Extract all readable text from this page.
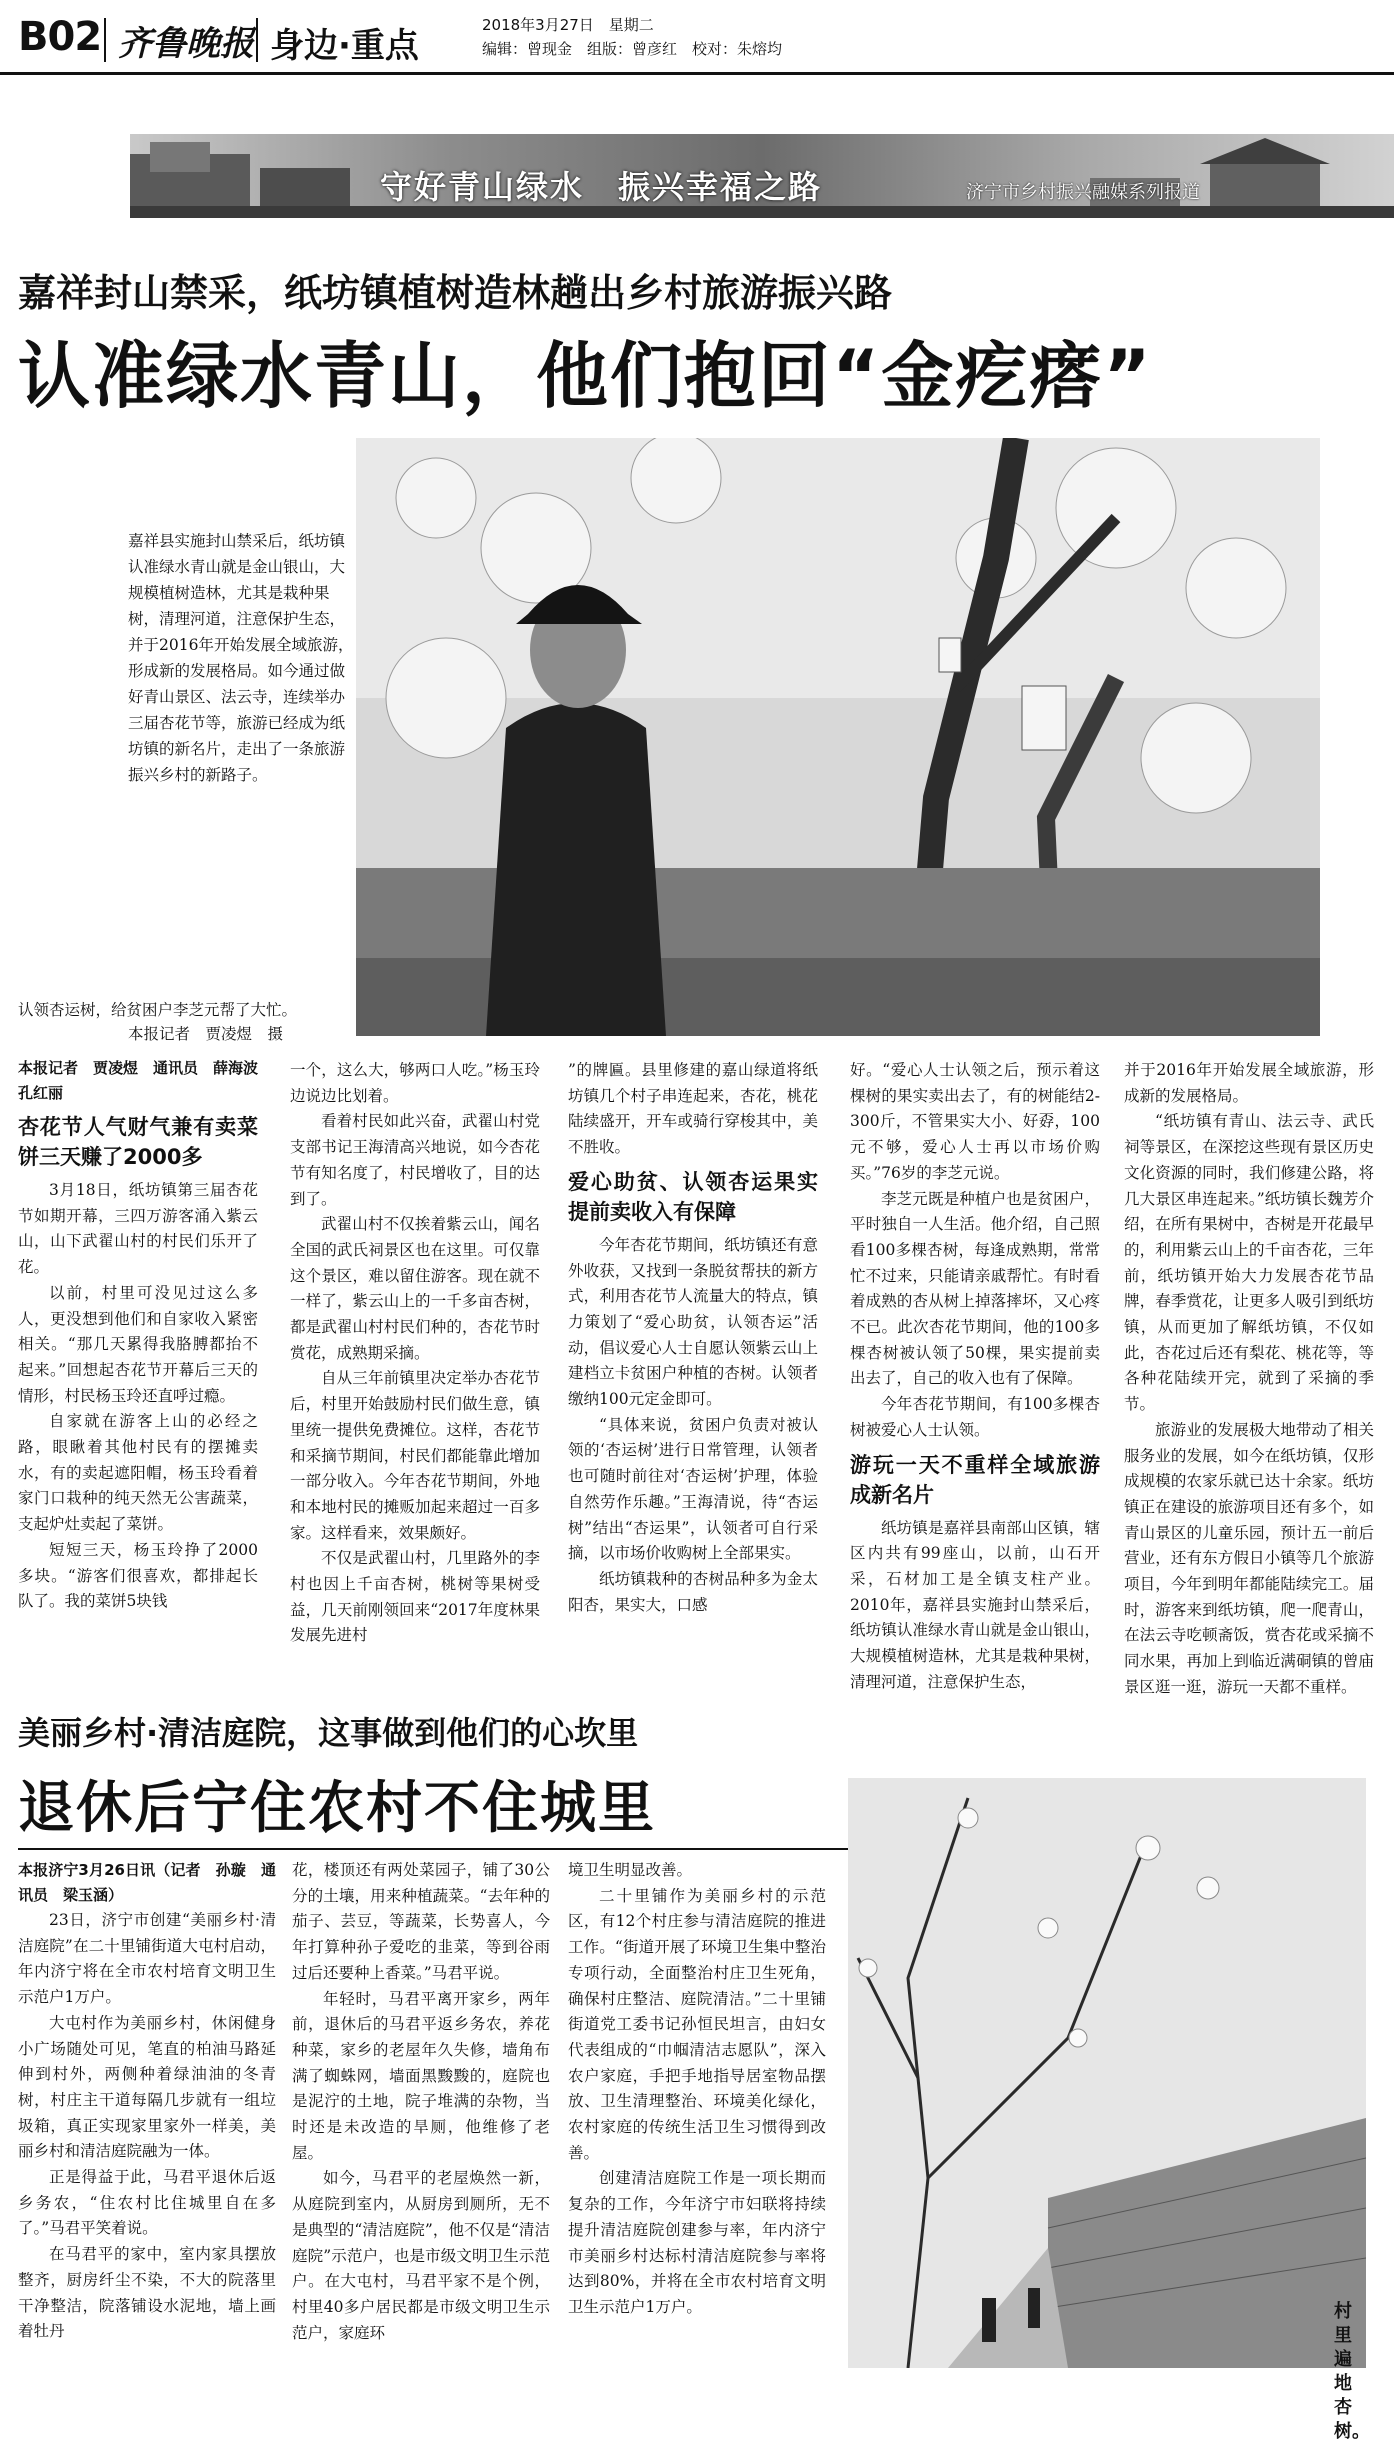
B02 齐鲁晚报 身边·重点
2018年3月27日　星期二
编辑：曾现金　组版：曾彦红　校对：朱熔均
守好青山绿水　振兴幸福之路	济宁市乡村振兴融媒系列报道
嘉祥封山禁采，纸坊镇植树造林趟出乡村旅游振兴路
认准绿水青山，他们抱回“金疙瘩”
嘉祥县实施封山禁采后，纸坊镇认准绿水青山就是金山银山，大规模植树造林，尤其是栽种果树，清理河道，注意保护生态，并于2016年开始发展全域旅游，形成新的发展格局。如今通过做好青山景区、法云寺，连续举办三届杏花节等，旅游已经成为纸坊镇的新名片，走出了一条旅游振兴乡村的新路子。
认领杏运树，给贫困户李芝元帮了大忙。
本报记者　贾凌煜　摄
本报记者　贾凌煜　通讯员　薛海波　孔红丽
杏花节人气财气兼有卖菜饼三天赚了2000多

3月18日，纸坊镇第三届杏花节如期开幕，三四万游客涌入紫云山，山下武翟山村的村民们乐开了花。

以前，村里可没见过这么多人，更没想到他们和自家收入紧密相关。“那几天累得我胳膊都抬不起来。”回想起杏花节开幕后三天的情形，村民杨玉玲还直呼过瘾。

自家就在游客上山的必经之路，眼瞅着其他村民有的摆摊卖水，有的卖起遮阳帽，杨玉玲看着家门口栽种的纯天然无公害蔬菜，支起炉灶卖起了菜饼。

短短三天，杨玉玲挣了2000多块。“游客们很喜欢，都排起长队了。我的菜饼5块钱

一个，这么大，够两口人吃。”杨玉玲边说边比划着。

看着村民如此兴奋，武翟山村党支部书记王海清高兴地说，如今杏花节有知名度了，村民增收了，目的达到了。

武翟山村不仅挨着紫云山，闻名全国的武氏祠景区也在这里。可仅靠这个景区，难以留住游客。现在就不一样了，紫云山上的一千多亩杏树，都是武翟山村村民们种的，杏花节时赏花，成熟期采摘。

自从三年前镇里决定举办杏花节后，村里开始鼓励村民们做生意，镇里统一提供免费摊位。这样，杏花节和采摘节期间，村民们都能靠此增加一部分收入。今年杏花节期间，外地和本地村民的摊贩加起来超过一百多家。这样看来，效果颇好。

不仅是武翟山村，几里路外的李村也因上千亩杏树，桃树等果树受益，几天前刚领回来“2017年度林果发展先进村

”的牌匾。县里修建的嘉山绿道将纸坊镇几个村子串连起来，杏花，桃花陆续盛开，开车或骑行穿梭其中，美不胜收。

爱心助贫、认领杏运果实提前卖收入有保障

今年杏花节期间，纸坊镇还有意外收获，又找到一条脱贫帮扶的新方式，利用杏花节人流量大的特点，镇力策划了“爱心助贫，认领杏运”活动，倡议爱心人士自愿认领紫云山上建档立卡贫困户种植的杏树。认领者缴纳100元定金即可。

“具体来说，贫困户负责对被认领的‘杏运树’进行日常管理，认领者也可随时前往对‘杏运树’护理，体验自然劳作乐趣。”王海清说，待“杏运树”结出“杏运果”，认领者可自行采摘，以市场价收购树上全部果实。

纸坊镇栽种的杏树品种多为金太阳杏，果实大，口感

好。“爱心人士认领之后，预示着这棵树的果实卖出去了，有的树能结2-300斤，不管果实大小、好孬，100元不够，爱心人士再以市场价购买。”76岁的李芝元说。

李芝元既是种植户也是贫困户，平时独自一人生活。他介绍，自己照看100多棵杏树，每逢成熟期，常常忙不过来，只能请亲戚帮忙。有时看着成熟的杏从树上掉落摔坏，又心疼不已。此次杏花节期间，他的100多棵杏树被认领了50棵，果实提前卖出去了，自己的收入也有了保障。

今年杏花节期间，有100多棵杏树被爱心人士认领。

游玩一天不重样全域旅游成新名片

纸坊镇是嘉祥县南部山区镇，辖区内共有99座山，以前，山石开采，石材加工是全镇支柱产业。2010年，嘉祥县实施封山禁采后，纸坊镇认准绿水青山就是金山银山，大规模植树造林，尤其是栽种果树，清理河道，注意保护生态，

并于2016年开始发展全域旅游，形成新的发展格局。

“纸坊镇有青山、法云寺、武氏祠等景区，在深挖这些现有景区历史文化资源的同时，我们修建公路，将几大景区串连起来。”纸坊镇长魏芳介绍，在所有果树中，杏树是开花最早的，利用紫云山上的千亩杏花，三年前，纸坊镇开始大力发展杏花节品牌，春季赏花，让更多人吸引到纸坊镇，从而更加了解纸坊镇，不仅如此，杏花过后还有梨花、桃花等，等各种花陆续开完，就到了采摘的季节。

旅游业的发展极大地带动了相关服务业的发展，如今在纸坊镇，仅形成规模的农家乐就已达十余家。纸坊镇正在建设的旅游项目还有多个，如青山景区的儿童乐园，预计五一前后营业，还有东方假日小镇等几个旅游项目，今年到明年都能陆续完工。届时，游客来到纸坊镇，爬一爬青山，在法云寺吃顿斋饭，赏杏花或采摘不同水果，再加上到临近满硐镇的曾庙景区逛一逛，游玩一天都不重样。

美丽乡村·清洁庭院，这事做到他们的心坎里
退休后宁住农村不住城里
本报济宁3月26日讯（记者　孙璇　通讯员　梁玉涵）

23日，济宁市创建“美丽乡村·清洁庭院”在二十里铺街道大屯村启动，年内济宁将在全市农村培育文明卫生示范户1万户。

大屯村作为美丽乡村，休闲健身小广场随处可见，笔直的柏油马路延伸到村外，两侧种着绿油油的冬青树，村庄主干道每隔几步就有一组垃圾箱，真正实现家里家外一样美，美丽乡村和清洁庭院融为一体。

正是得益于此，马君平退休后返乡务农，“住农村比住城里自在多了。”马君平笑着说。

在马君平的家中，室内家具摆放整齐，厨房纤尘不染，不大的院落里干净整洁，院落铺设水泥地，墙上画着牡丹

花，楼顶还有两处菜园子，铺了30公分的土壤，用来种植蔬菜。“去年种的茄子、芸豆，等蔬菜，长势喜人，今年打算种孙子爱吃的韭菜，等到谷雨过后还要种上香菜。”马君平说。

年轻时，马君平离开家乡，两年前，退休后的马君平返乡务农，养花种菜，家乡的老屋年久失修，墙角布满了蜘蛛网，墙面黑黢黢的，庭院也是泥泞的土地，院子堆满的杂物，当时还是未改造的旱厕，他维修了老屋。

如今，马君平的老屋焕然一新，从庭院到室内，从厨房到厕所，无不是典型的“清洁庭院”，他不仅是“清洁庭院”示范户，也是市级文明卫生示范户。在大屯村，马君平家不是个例，村里40多户居民都是市级文明卫生示范户，家庭环

境卫生明显改善。

二十里铺作为美丽乡村的示范区，有12个村庄参与清洁庭院的推进工作。“街道开展了环境卫生集中整治专项行动，全面整治村庄卫生死角，确保村庄整洁、庭院清洁。”二十里铺街道党工委书记孙恒民坦言，由妇女代表组成的“巾帼清洁志愿队”，深入农户家庭，手把手地指导居室物品摆放、卫生清理整治、环境美化绿化，农村家庭的传统生活卫生习惯得到改善。

创建清洁庭院工作是一项长期而复杂的工作，今年济宁市妇联将持续提升清洁庭院创建参与率，年内济宁市美丽乡村达标村清洁庭院参与率将达到80%，并将在全市农村培育文明卫生示范户1万户。	村里遍地杏树。
